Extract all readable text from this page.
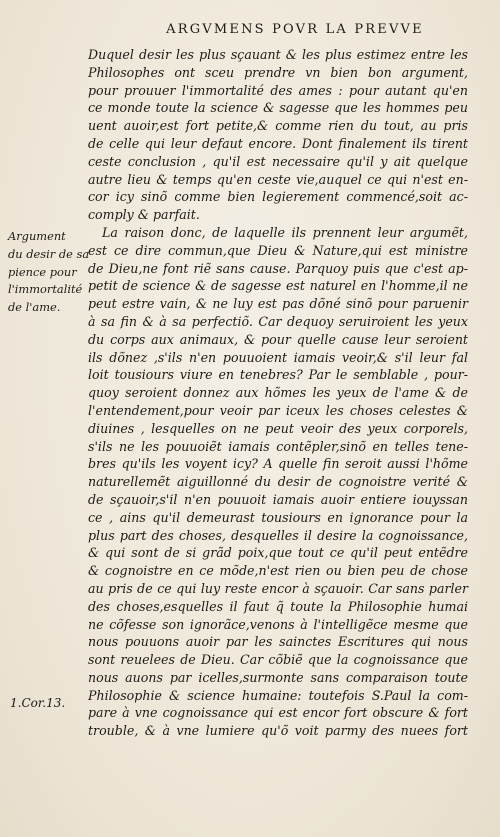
ARGVMENS POVR LA PREVVE
Duquel desir les plus sçauant & les plus estimez entre les
Philosophes ont sceu prendre vn bien bon argument,
pour prouuer l'immortalité des ames : pour autant qu'en
ce monde toute la science & sagesse que les hommes peu
uent auoir,est fort petite,& comme rien du tout, au pris
de celle qui leur defaut encore. Dont finalement ils tirent
ceste conclusion , qu'il est necessaire qu'il y ait quelque
autre lieu & temps qu'en ceste vie,auquel ce qui n'est en-
cor icy sinõ comme bien legierement commencé,soit ac-
comply & parfait.
La raison donc, de laquelle ils prennent leur argumẽt,
est ce dire commun,que Dieu & Nature,qui est ministre
de Dieu,ne font riẽ sans cause. Parquoy puis que c'est ap-
petit de science & de sagesse est naturel en l'homme,il ne
peut estre vain, & ne luy est pas dõné sinõ pour paruenir
à sa fin & à sa perfectiõ. Car dequoy seruiroient les yeux
du corps aux animaux, & pour quelle cause leur seroient
ils dõnez ,s'ils n'en pouuoient iamais veoir,& s'il leur fal
loit tousiours viure en tenebres? Par le semblable , pour-
quoy seroient donnez aux hõmes les yeux de l'ame & de
l'entendement,pour veoir par iceux les choses celestes &
diuines , lesquelles on ne peut veoir des yeux corporels,
s'ils ne les pouuoiẽt iamais contẽpler,sinõ en telles tene-
bres qu'ils les voyent icy? A quelle fin seroit aussi l'hõme
naturellemẽt aiguillonné du desir de cognoistre verité &
de sçauoir,s'il n'en pouuoit iamais auoir entiere iouyssan
ce , ains qu'il demeurast tousiours en ignorance pour la
plus part des choses, desquelles il desire la cognoissance,
& qui sont de si grãd poix,que tout ce qu'il peut entẽdre
& cognoistre en ce mõde,n'est rien ou bien peu de chose
au pris de ce qui luy reste encor à sçauoir. Car sans parler
des choses,esquelles il faut q̃ toute la Philosophie humai
ne cõfesse son ignorãce,venons à l'intelligẽce mesme que
nous pouuons auoir par les sainctes Escritures qui nous
sont reuelees de Dieu. Car cõbiẽ que la cognoissance que
nous auons par icelles,surmonte sans comparaison toute
Philosophie & science humaine: toutefois S.Paul la com-
pare à vne cognoissance qui est encor fort obscure & fort
trouble, & à vne lumiere qu'õ voit parmy des nuees fort
Argument
du desir de sa
pience pour
l'immortalité
de l'ame.
1.Cor.13.
